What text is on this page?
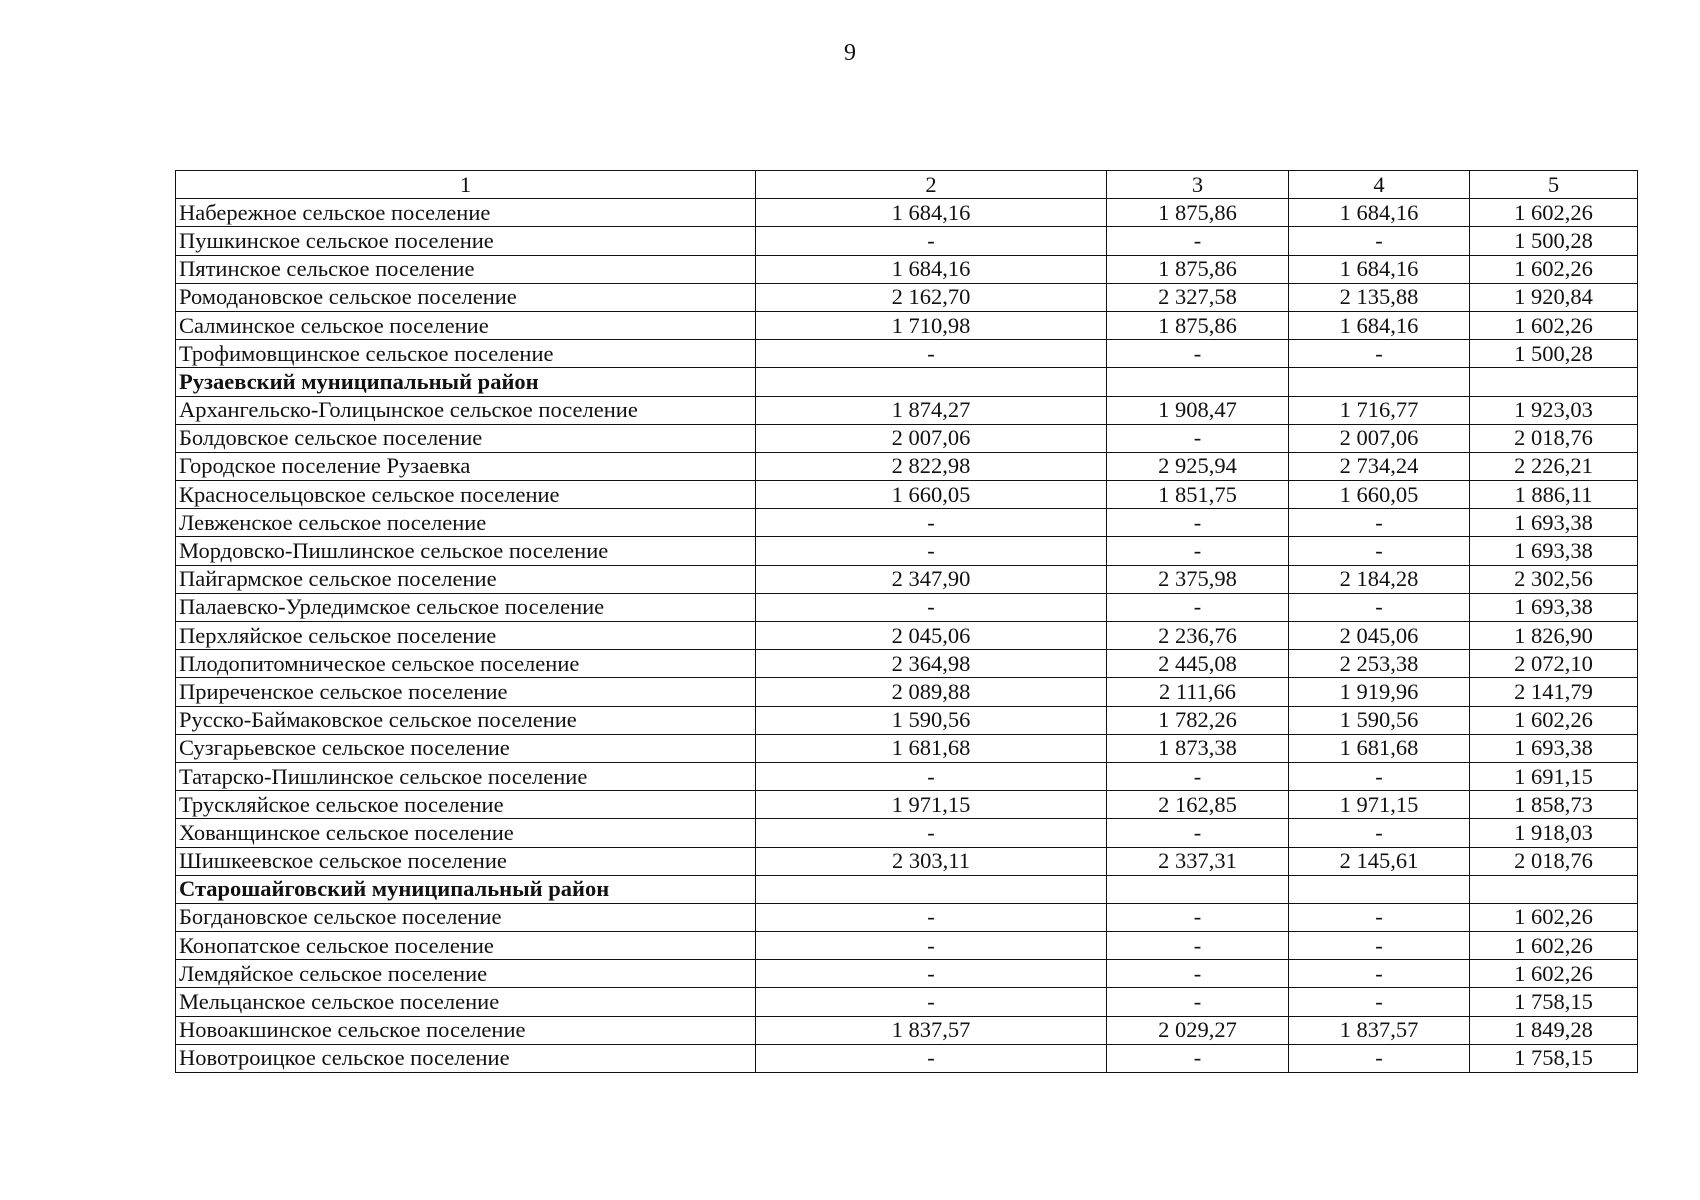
9
1	2	3	4	5
Набережное сельское поселение	1 684,16	1 875,86	1 684,16	1 602,26
Пушкинское сельское поселение	-	-	-	1 500,28
Пятинское сельское поселение	1 684,16	1 875,86	1 684,16	1 602,26
Ромодановское сельское поселение	2 162,70	2 327,58	2 135,88	1 920,84
Салминское сельское поселение	1 710,98	1 875,86	1 684,16	1 602,26
Трофимовщинское сельское поселение	-	-	-	1 500,28
Рузаевский муниципальный район				
Архангельско-Голицынское сельское поселение	1 874,27	1 908,47	1 716,77	1 923,03
Болдовское сельское поселение	2 007,06	-	2 007,06	2 018,76
Городское поселение Рузаевка	2 822,98	2 925,94	2 734,24	2 226,21
Красносельцовское сельское поселение	1 660,05	1 851,75	1 660,05	1 886,11
Левженское сельское поселение	-	-	-	1 693,38
Мордовско-Пишлинское сельское поселение	-	-	-	1 693,38
Пайгармское сельское поселение	2 347,90	2 375,98	2 184,28	2 302,56
Палаевско-Урледимское сельское поселение	-	-	-	1 693,38
Перхляйское сельское поселение	2 045,06	2 236,76	2 045,06	1 826,90
Плодопитомническое сельское поселение	2 364,98	2 445,08	2 253,38	2 072,10
Приреченское сельское поселение	2 089,88	2 111,66	1 919,96	2 141,79
Русско-Баймаковское сельское поселение	1 590,56	1 782,26	1 590,56	1 602,26
Сузгарьевское сельское поселение	1 681,68	1 873,38	1 681,68	1 693,38
Татарско-Пишлинское сельское поселение	-	-	-	1 691,15
Трускляйское сельское поселение	1 971,15	2 162,85	1 971,15	1 858,73
Хованщинское сельское поселение	-	-	-	1 918,03
Шишкеевское сельское поселение	2 303,11	2 337,31	2 145,61	2 018,76
Старошайговский муниципальный район				
Богдановское сельское поселение	-	-	-	1 602,26
Конопатское сельское поселение	-	-	-	1 602,26
Лемдяйское сельское поселение	-	-	-	1 602,26
Мельцанское сельское поселение	-	-	-	1 758,15
Новоакшинское сельское поселение	1 837,57	2 029,27	1 837,57	1 849,28
Новотроицкое сельское поселение	-	-	-	1 758,15
